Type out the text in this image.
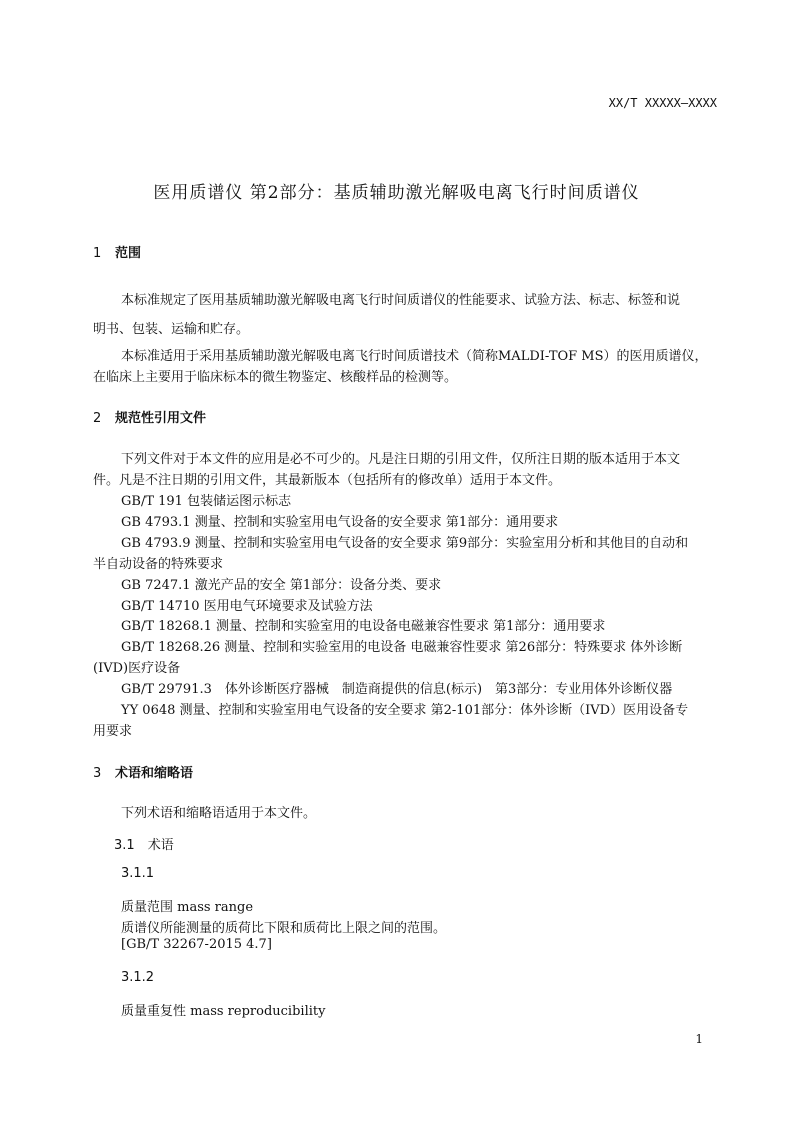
XX/T XXXXX—XXXX
医用质谱仪 第2部分：基质辅助激光解吸电离飞行时间质谱仪
1 范围
本标准规定了医用基质辅助激光解吸电离飞行时间质谱仪的性能要求、试验方法、标志、标签和说
明书、包装、运输和贮存。
本标准适用于采用基质辅助激光解吸电离飞行时间质谱技术（简称MALDI-TOF MS）的医用质谱仪，
在临床上主要用于临床标本的微生物鉴定、核酸样品的检测等。
2 规范性引用文件
下列文件对于本文件的应用是必不可少的。凡是注日期的引用文件，仅所注日期的版本适用于本文
件。凡是不注日期的引用文件，其最新版本（包括所有的修改单）适用于本文件。
GB/T 191 包装储运图示标志
GB 4793.1 测量、控制和实验室用电气设备的安全要求 第1部分：通用要求
GB 4793.9 测量、控制和实验室用电气设备的安全要求 第9部分：实验室用分析和其他目的自动和
半自动设备的特殊要求
GB 7247.1 激光产品的安全 第1部分：设备分类、要求
GB/T 14710 医用电气环境要求及试验方法
GB/T 18268.1 测量、控制和实验室用的电设备电磁兼容性要求 第1部分：通用要求
GB/T 18268.26 测量、控制和实验室用的电设备 电磁兼容性要求 第26部分：特殊要求 体外诊断
(IVD)医疗设备
GB/T 29791.3　体外诊断医疗器械　制造商提供的信息(标示)　第3部分：专业用体外诊断仪器
YY 0648 测量、控制和实验室用电气设备的安全要求 第2-101部分：体外诊断（IVD）医用设备专
用要求
3 术语和缩略语
下列术语和缩略语适用于本文件。
3.1　 术语
3.1.1
质量范围 mass range
质谱仪所能测量的质荷比下限和质荷比上限之间的范围。
[GB/T 32267-2015 4.7]
3.1.2
质量重复性 mass reproducibility
1
